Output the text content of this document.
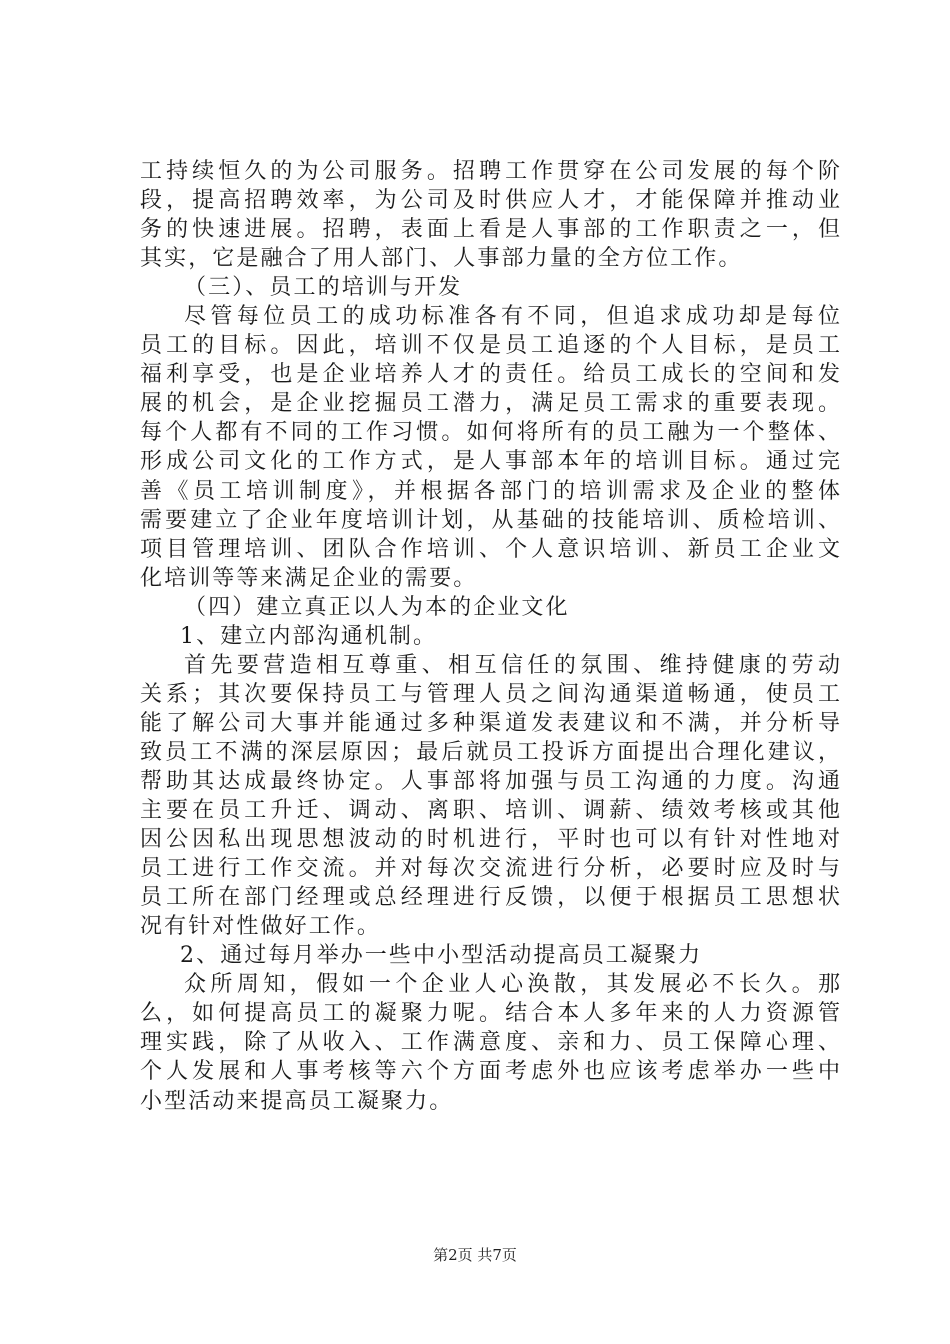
工持续恒久的为公司服务。招聘工作贯穿在公司发展的每个阶
段，提高招聘效率，为公司及时供应人才，才能保障并推动业
务的快速进展。招聘，表面上看是人事部的工作职责之一，但
其实，它是融合了用人部门、人事部力量的全方位工作。
（三）、员工的培训与开发
尽管每位员工的成功标准各有不同，但追求成功却是每位
员工的目标。因此，培训不仅是员工追逐的个人目标，是员工
福利享受，也是企业培养人才的责任。给员工成长的空间和发
展的机会，是企业挖掘员工潜力，满足员工需求的重要表现。
每个人都有不同的工作习惯。如何将所有的员工融为一个整体、
形成公司文化的工作方式，是人事部本年的培训目标。通过完
善《员工培训制度》，并根据各部门的培训需求及企业的整体
需要建立了企业年度培训计划，从基础的技能培训、质检培训、
项目管理培训、团队合作培训、个人意识培训、新员工企业文
化培训等等来满足企业的需要。
（四）建立真正以人为本的企业文化
1、建立内部沟通机制。
首先要营造相互尊重、相互信任的氛围、维持健康的劳动
关系；其次要保持员工与管理人员之间沟通渠道畅通，使员工
能了解公司大事并能通过多种渠道发表建议和不满，并分析导
致员工不满的深层原因；最后就员工投诉方面提出合理化建议，
帮助其达成最终协定。人事部将加强与员工沟通的力度。沟通
主要在员工升迁、调动、离职、培训、调薪、绩效考核或其他
因公因私出现思想波动的时机进行，平时也可以有针对性地对
员工进行工作交流。并对每次交流进行分析，必要时应及时与
员工所在部门经理或总经理进行反馈，以便于根据员工思想状
况有针对性做好工作。
2、通过每月举办一些中小型活动提高员工凝聚力
众所周知，假如一个企业人心涣散，其发展必不长久。那
么，如何提高员工的凝聚力呢。结合本人多年来的人力资源管
理实践，除了从收入、工作满意度、亲和力、员工保障心理、
个人发展和人事考核等六个方面考虑外也应该考虑举办一些中
小型活动来提高员工凝聚力。
第2页 共7页
